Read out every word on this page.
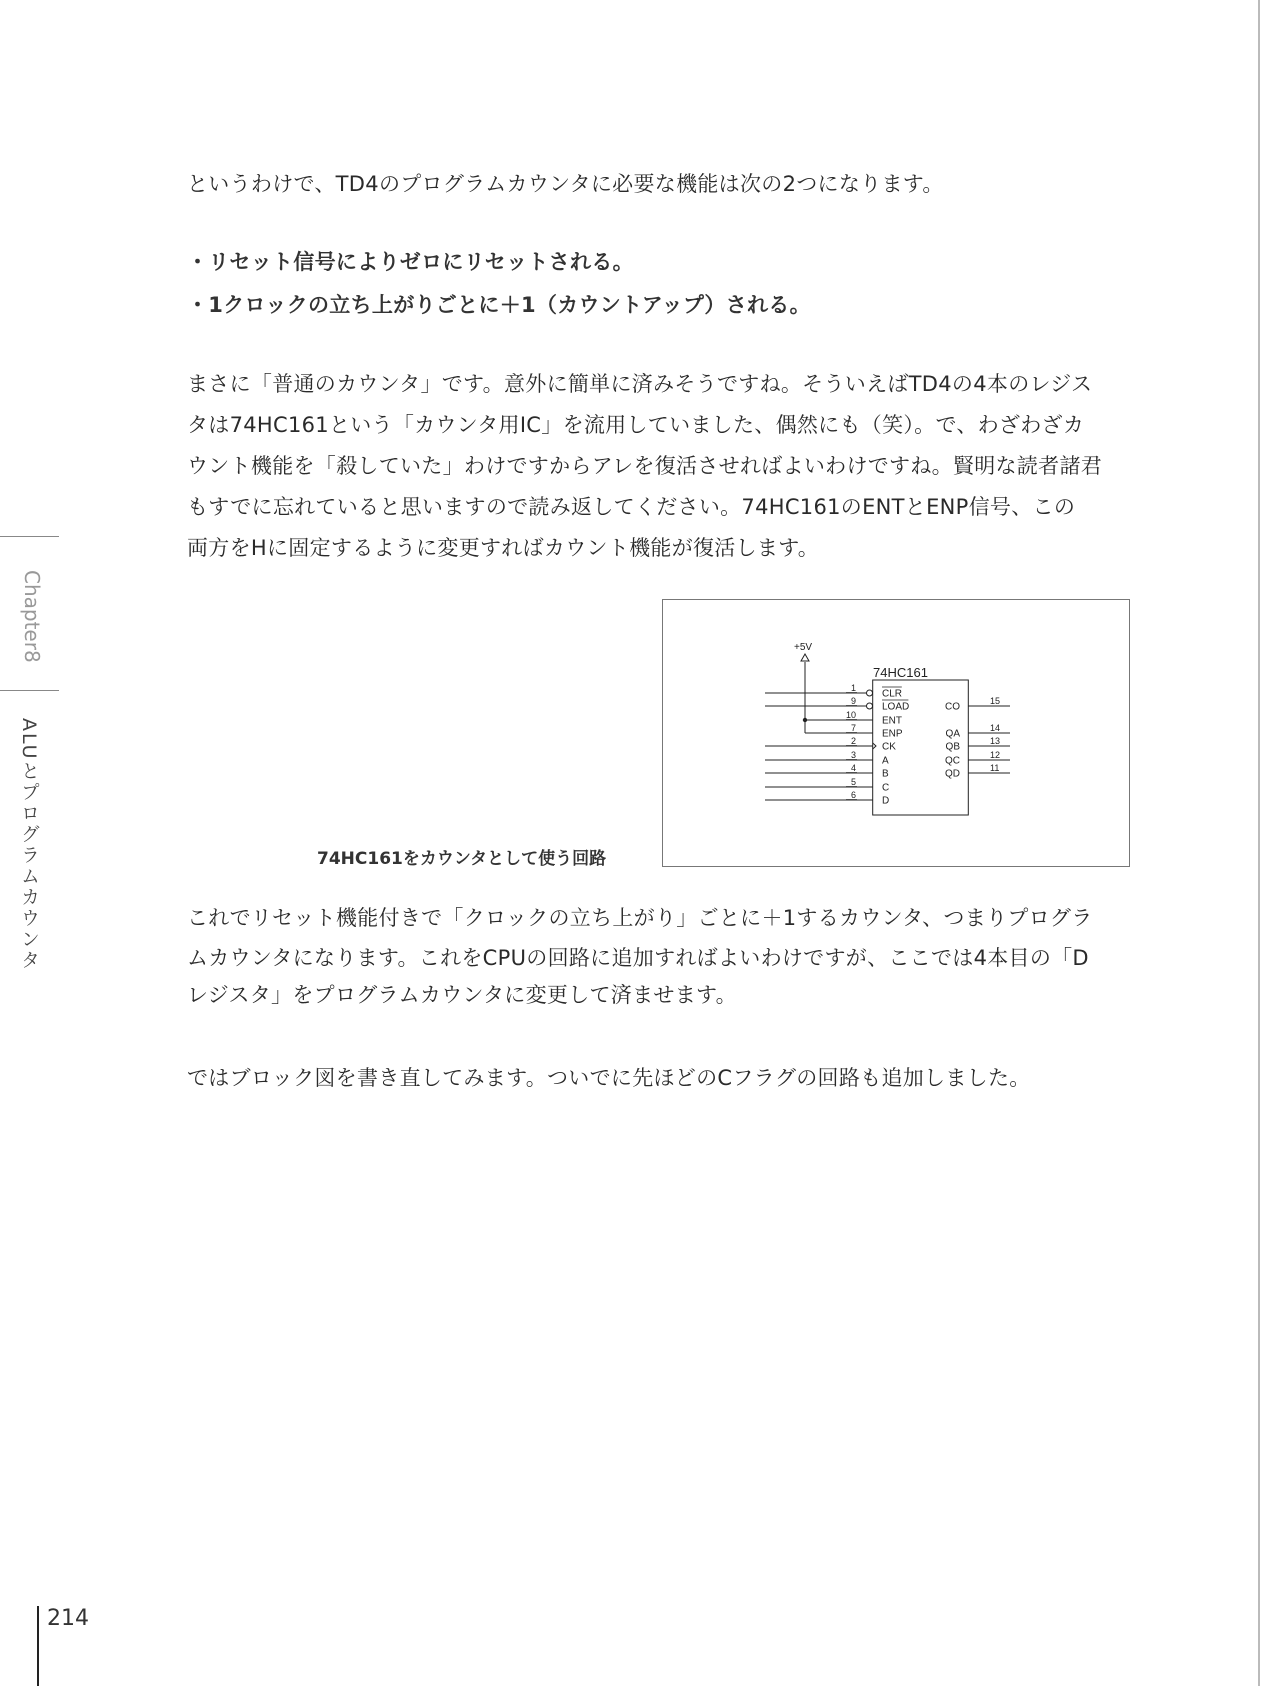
というわけで、TD4のプログラムカウンタに必要な機能は次の2つになります。
・リセット信号によりゼロにリセットされる。
・1クロックの立ち上がりごとに＋1（カウントアップ）される。
まさに「普通のカウンタ」です。意外に簡単に済みそうですね。そういえばTD4の4本のレジス
タは74HC161という「カウンタ用IC」を流用していました、偶然にも（笑）。で、わざわざカ
ウント機能を「殺していた」わけですからアレを復活させればよいわけですね。賢明な読者諸君
もすでに忘れていると思いますので読み返してください。74HC161のENTとENP信号、この
両方をHに固定するように変更すればカウント機能が復活します。
+5V
74HC161
1
CLR
9
LOAD
10
ENT
7
ENP
2
CK
3
A
4
B
5
C
6
D
15
CO
14
QA
13
QB
12
QC
11
QD
74HC161をカウンタとして使う回路
これでリセット機能付きで「クロックの立ち上がり」ごとに＋1するカウンタ、つまりプログラ
ムカウンタになります。これをCPUの回路に追加すればよいわけですが、ここでは4本目の「D
レジスタ」をプログラムカウンタに変更して済ませます。
ではブロック図を書き直してみます。ついでに先ほどのCフラグの回路も追加しました。
Chapter8
ALUとプログラムカウンタ
214
